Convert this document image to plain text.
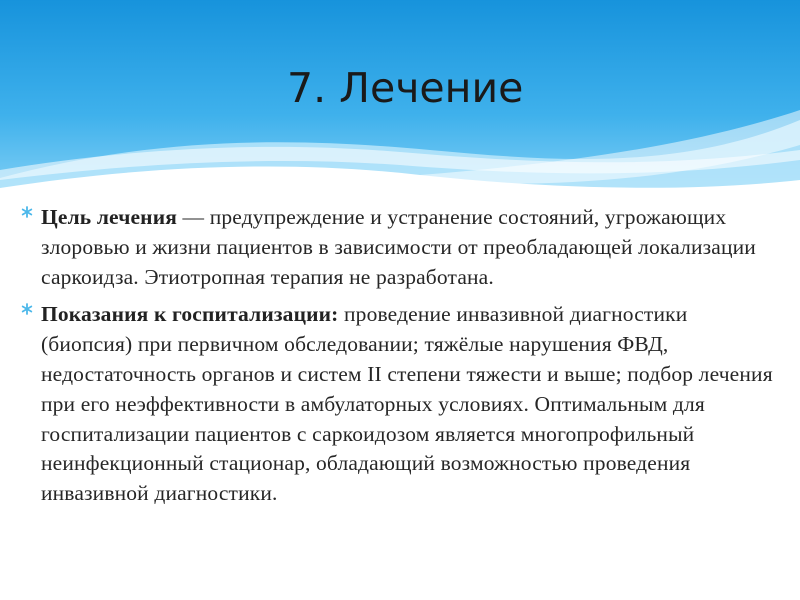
7. Лечение
Цель лечения — предупреждение и устранение состояний, угрожающих злоровью и жизни пациентов в зависимости от преобладающей локализации саркоидза. Этиотропная терапия не разработана.
Показания к госпитализации: проведение инвазивной диагностики (биопсия) при первичном обследовании; тяжёлые нарушения ФВД, недостаточность органов и систем II степени тяжести и выше; подбор лечения при его неэффективности в амбулаторных условиях. Оптимальным для госпитализации пациентов с саркоидозом является многопрофильный неинфекционный стационар, обладающий возможностью проведения инвазивной диагностики.
